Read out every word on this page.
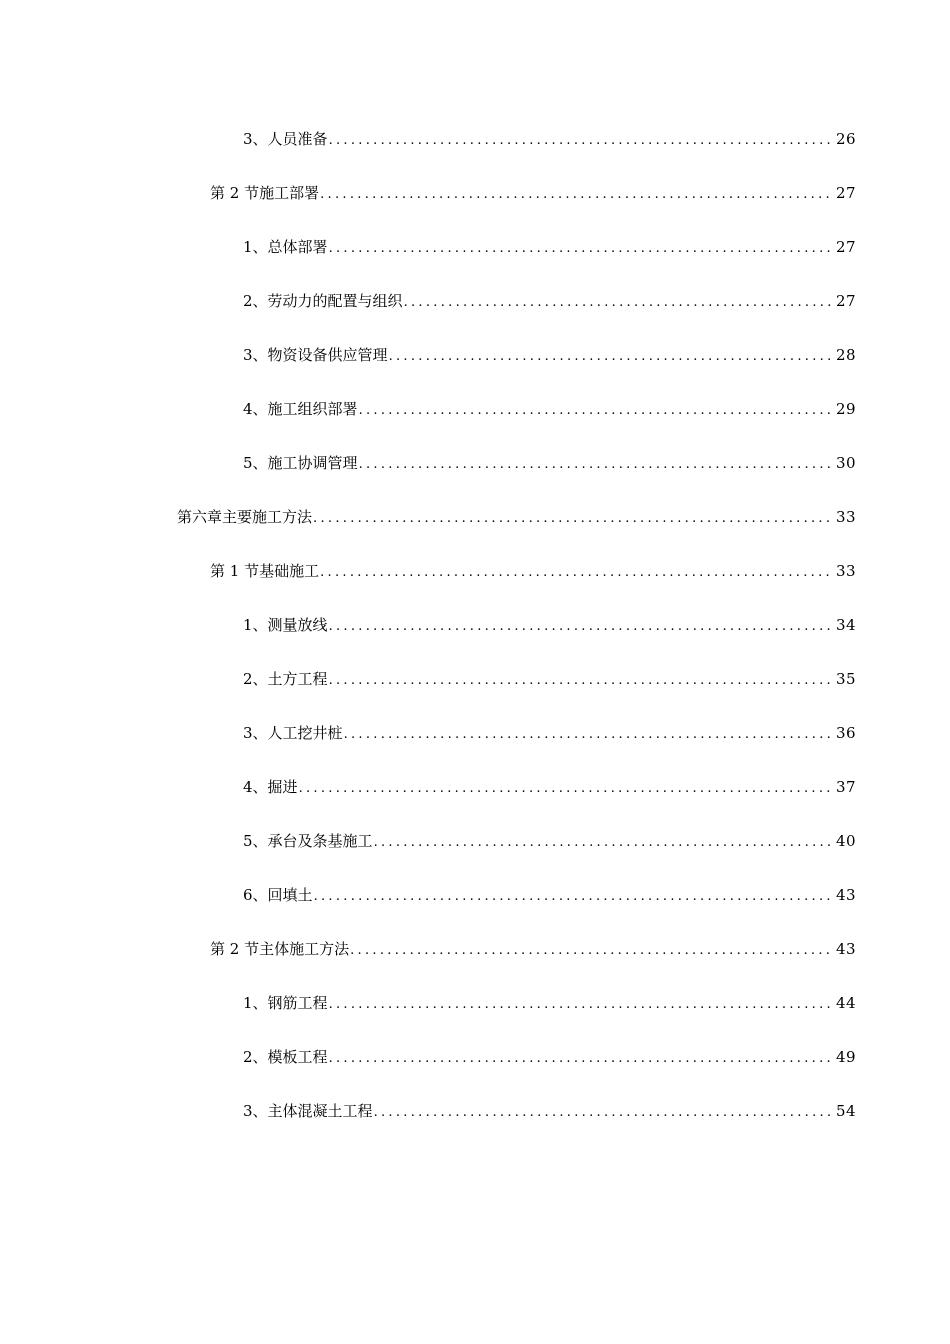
3、 人员准备 .....	26
第 2 节 施工部署 .....	27
1、 总体部署 .....	27
2、 劳动力的配置与组织 .....	27
3、 物资设备供应管理 .....	28
4、 施工组织部署 .....	29
5、 施工协调管理 .....	30
第六章 主要施工方法 .....	33
第 1 节 基础施工 .....	33
1、 测量放线 .....	34
2、 土方工程 .....	35
3、 人工挖井桩 .....	36
4、 掘进 .....	37
5、 承台及条基施工 .....	40
6、 回填土 .....	43
第 2 节 主体施工方法 .....	43
1、 钢筋工程 .....	44
2、 模板工程 .....	49
3、 主体混凝土工程 .....	54
